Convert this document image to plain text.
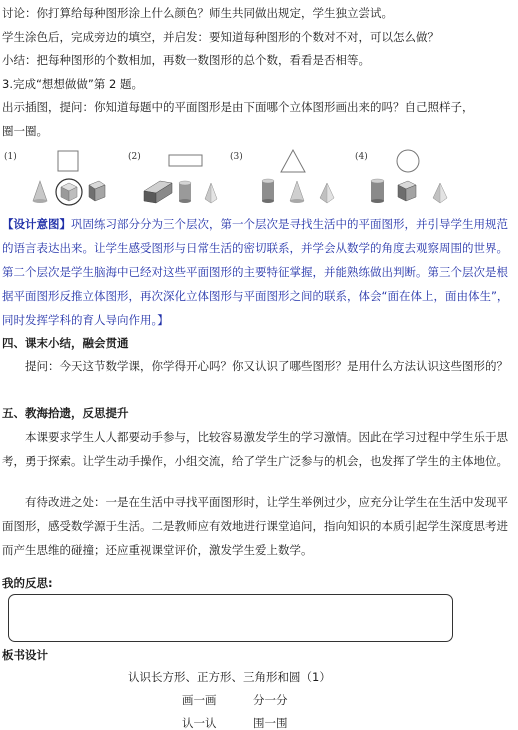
讨论：你打算给每种图形涂上什么颜色？师生共同做出规定，学生独立尝试。
学生涂色后，完成旁边的填空，并启发：要知道每种图形的个数对不对，可以怎么做？
小结：把每种图形的个数相加，再数一数图形的总个数，看看是否相等。
3.完成“想想做做”第 2 题。
出示插图，提问：你知道每题中的平面图形是由下面哪个立体图形画出来的吗？自己照样子，
圈一圈。
(1)	(2)	(3)	(4)
【设计意图】巩固练习部分分为三个层次，第一个层次是寻找生活中的平面图形，并引导学生用规范的语言表达出来。让学生感受图形与日常生活的密切联系，并学会从数学的角度去观察周围的世界。第二个层次是学生脑海中已经对这些平面图形的主要特征掌握，并能熟练做出判断。第三个层次是根据平面图形反推立体图形，再次深化立体图形与平面图形之间的联系，体会“面在体上，面由体生”，同时发挥学科的育人导向作用。】
四、课末小结，融会贯通
提问：今天这节数学课，你学得开心吗？你又认识了哪些图形？是用什么方法认识这些图形的？
五、教海拾遗，反思提升
本课要求学生人人都要动手参与，比较容易激发学生的学习激情。因此在学习过程中学生乐于思考，勇于探索。让学生动手操作，小组交流，给了学生广泛参与的机会，也发挥了学生的主体地位。
有待改进之处：一是在生活中寻找平面图形时，让学生举例过少，应充分让学生在生活中发现平面图形，感受数学源于生活。二是教师应有效地进行课堂追问，指向知识的本质引起学生深度思考进而产生思维的碰撞；还应重视课堂评价，激发学生爱上数学。
我的反思:
板书设计
认识长方形、正方形、三角形和圆（1）
画一画	分一分
认一认	围一围
